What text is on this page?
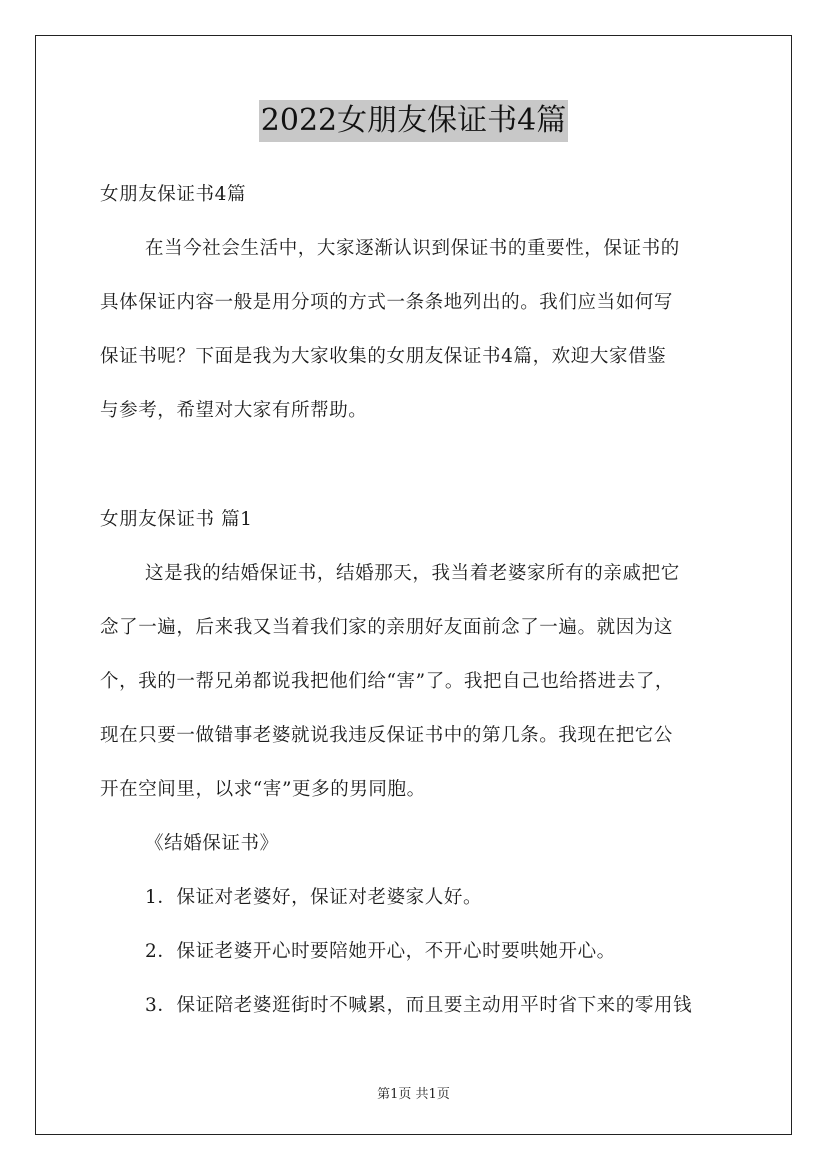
2022女朋友保证书4篇
女朋友保证书4篇
在当今社会生活中，大家逐渐认识到保证书的重要性，保证书的
具体保证内容一般是用分项的方式一条条地列出的。我们应当如何写
保证书呢？下面是我为大家收集的女朋友保证书4篇，欢迎大家借鉴
与参考，希望对大家有所帮助。
女朋友保证书 篇1
这是我的结婚保证书，结婚那天，我当着老婆家所有的亲戚把它
念了一遍，后来我又当着我们家的亲朋好友面前念了一遍。就因为这
个，我的一帮兄弟都说我把他们给“害”了。我把自己也给搭进去了，
现在只要一做错事老婆就说我违反保证书中的第几条。我现在把它公
开在空间里，以求“害”更多的男同胞。
《结婚保证书》
1．保证对老婆好，保证对老婆家人好。
2．保证老婆开心时要陪她开心，不开心时要哄她开心。
3．保证陪老婆逛街时不喊累，而且要主动用平时省下来的零用钱
第1页 共1页
